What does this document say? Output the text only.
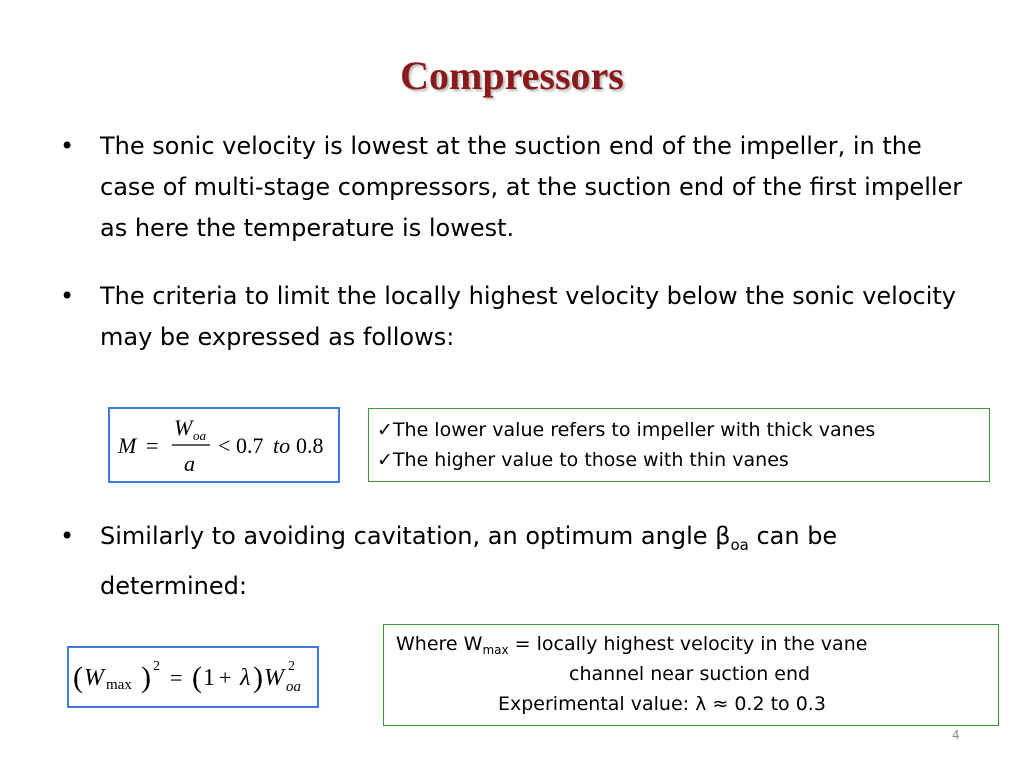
Compressors
• The sonic velocity is lowest at the suction end of the impeller, in the case of multi-stage compressors, at the suction end of the first impeller as here the temperature is lowest.
• The criteria to limit the locally highest velocity below the sonic velocity may be expressed as follows:
M =
W oa
a
< 0.7 to 0.8
✓The lower value refers to impeller with thick vanes
✓The higher value to those with thin vanes
• Similarly to avoiding cavitation, an optimum angle $\beta_{oa}$ can be determined:
( W max ) 2 = ( 1 + λ ) W 2
oa
Where $W_{max}$ = locally highest velocity in the vane
channel near suction end
Experimental value: λ ≈ 0.2 to 0.3
4
